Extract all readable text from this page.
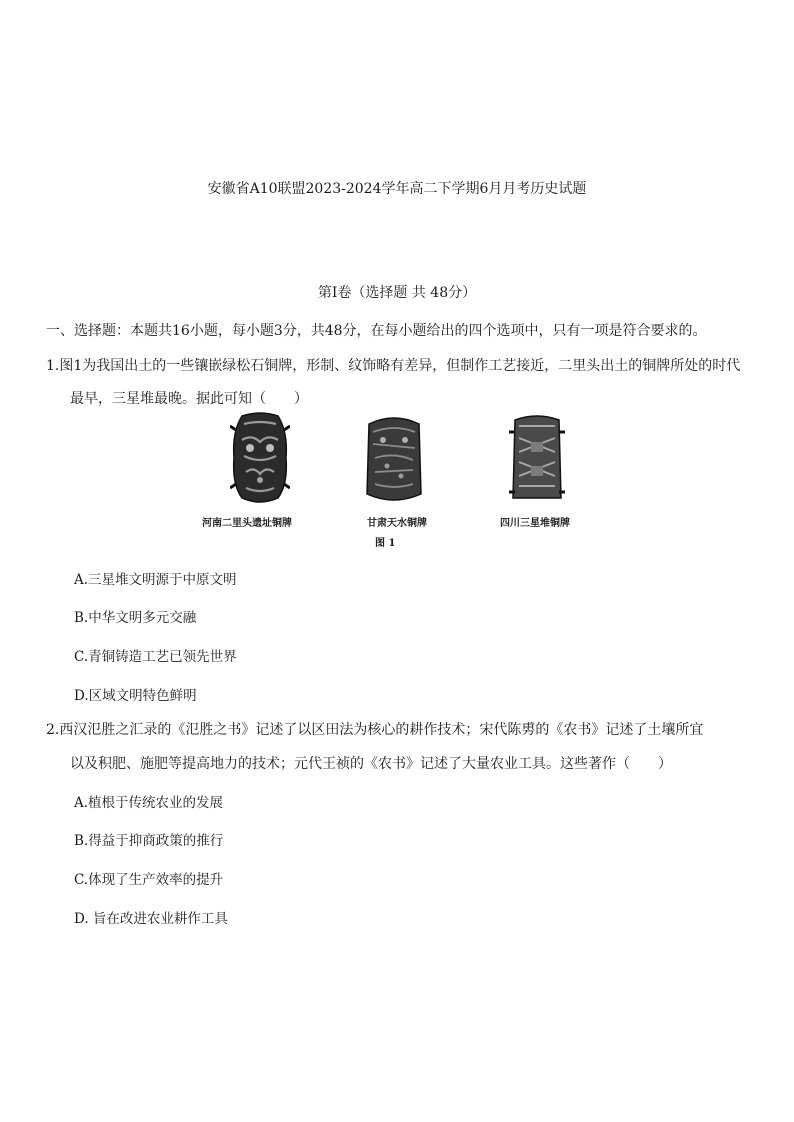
安徽省A10联盟2023-2024学年高二下学期6月月考历史试题
第Ⅰ卷（选择题 共 48分）
一、选择题：本题共16小题，每小题3分，共48分，在每小题给出的四个选项中，只有一项是符合要求的。
1.图1为我国出土的一些镶嵌绿松石铜牌，形制、纹饰略有差异，但制作工艺接近，二里头出土的铜牌所处的时代
最早，三星堆最晚。据此可知（　　）
河南二里头遗址铜牌	甘肃天水铜牌	四川三星堆铜牌
图 1
A.三星堆文明源于中原文明
B.中华文明多元交融
C.青铜铸造工艺已领先世界
D.区域文明特色鲜明
2.西汉氾胜之汇录的《氾胜之书》记述了以区田法为核心的耕作技术；宋代陈旉的《农书》记述了土壤所宜
以及积肥、施肥等提高地力的技术；元代王祯的《农书》记述了大量农业工具。这些著作（　　）
A.植根于传统农业的发展
B.得益于抑商政策的推行
C.体现了生产效率的提升
D. 旨在改进农业耕作工具
